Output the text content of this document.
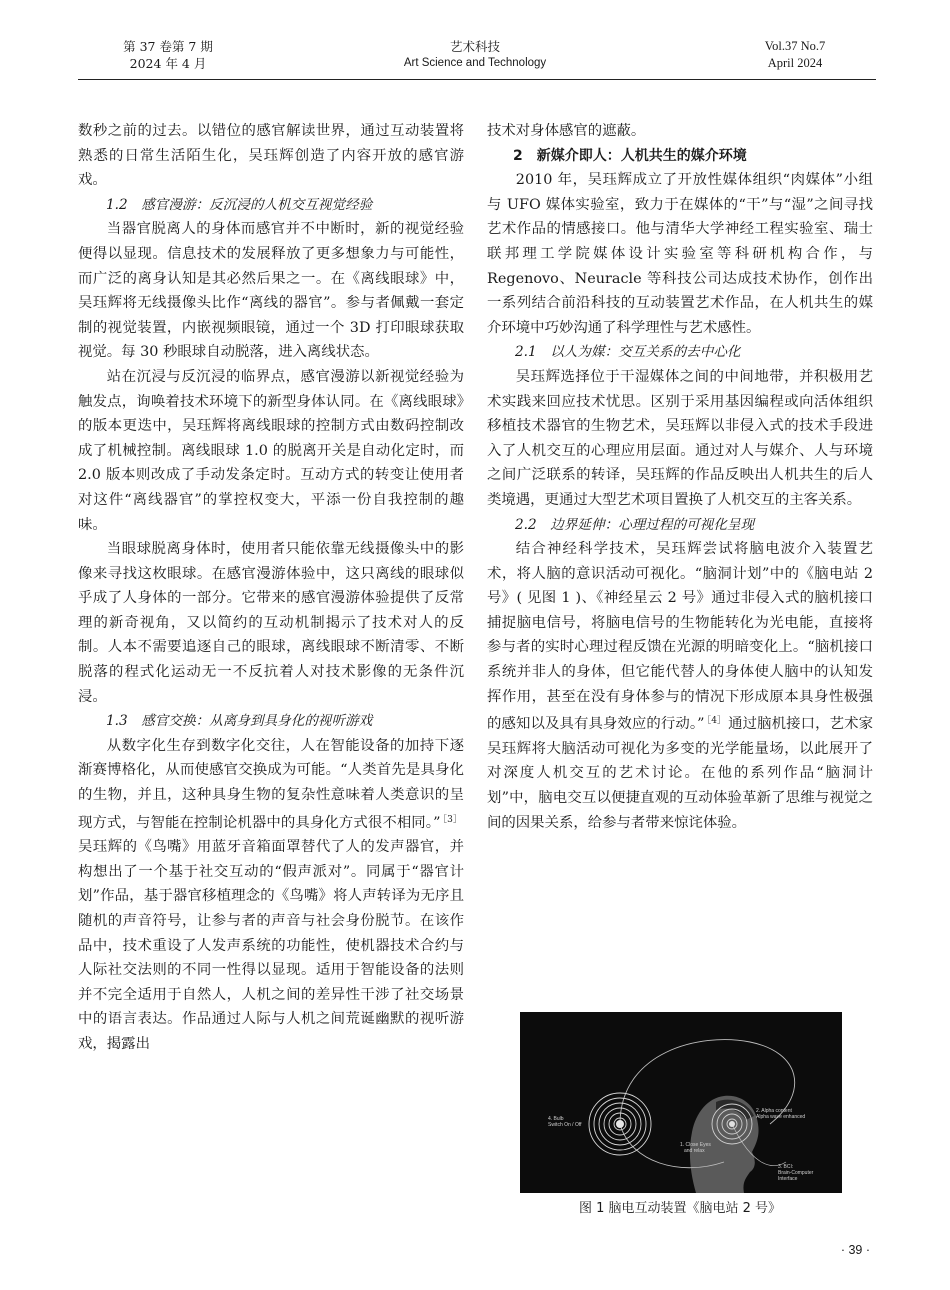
第 37 卷第 7 期
2024 年 4 月
艺术科技
Art Science and Technology
Vol.37 No.7
April 2024

数秒之前的过去。以错位的感官解读世界，通过互动装置将熟悉的日常生活陌生化，吴珏辉创造了内容开放的感官游戏。

1.2　感官漫游：反沉浸的人机交互视觉经验

当器官脱离人的身体而感官并不中断时，新的视觉经验便得以显现。信息技术的发展释放了更多想象力与可能性，而广泛的离身认知是其必然后果之一。在《离线眼球》中，吴珏辉将无线摄像头比作“离线的器官”。参与者佩戴一套定制的视觉装置，内嵌视频眼镜，通过一个 3D 打印眼球获取视觉。每 30 秒眼球自动脱落，进入离线状态。

站在沉浸与反沉浸的临界点，感官漫游以新视觉经验为触发点，询唤着技术环境下的新型身体认同。在《离线眼球》的版本更迭中，吴珏辉将离线眼球的控制方式由数码控制改成了机械控制。离线眼球 1.0 的脱离开关是自动化定时，而 2.0 版本则改成了手动发条定时。互动方式的转变让使用者对这件“离线器官”的掌控权变大，平添一份自我控制的趣味。

当眼球脱离身体时，使用者只能依靠无线摄像头中的影像来寻找这枚眼球。在感官漫游体验中，这只离线的眼球似乎成了人身体的一部分。它带来的感官漫游体验提供了反常理的新奇视角，又以简约的互动机制揭示了技术对人的反制。人本不需要追逐自己的眼球，离线眼球不断清零、不断脱落的程式化运动无一不反抗着人对技术影像的无条件沉浸。

1.3　感官交换：从离身到具身化的视听游戏

从数字化生存到数字化交往，人在智能设备的加持下逐渐赛博格化，从而使感官交换成为可能。“人类首先是具身化的生物，并且，这种具身生物的复杂性意味着人类意识的呈现方式，与智能在控制论机器中的具身化方式很不相同。” $^{[3]}$吴珏辉的《鸟嘴》用蓝牙音箱面罩替代了人的发声器官，并构想出了一个基于社交互动的“假声派对”。同属于“器官计划”作品，基于器官移植理念的《鸟嘴》将人声转译为无序且随机的声音符号，让参与者的声音与社会身份脱节。在该作品中，技术重设了人发声系统的功能性，使机器技术合约与人际社交法则的不同一性得以显现。适用于智能设备的法则并不完全适用于自然人，人机之间的差异性干涉了社交场景中的语言表达。作品通过人际与人机之间荒诞幽默的视听游戏，揭露出

技术对身体感官的遮蔽。

2　新媒介即人：人机共生的媒介环境

2010 年，吴珏辉成立了开放性媒体组织“肉媒体”小组与 UFO 媒体实验室，致力于在媒体的“干”与“湿”之间寻找艺术作品的情感接口。他与清华大学神经工程实验室、瑞士联邦理工学院媒体设计实验室等科研机构合作，与 Regenovo、Neuracle 等科技公司达成技术协作，创作出一系列结合前沿科技的互动装置艺术作品，在人机共生的媒介环境中巧妙沟通了科学理性与艺术感性。

2.1　以人为媒：交互关系的去中心化

吴珏辉选择位于干湿媒体之间的中间地带，并积极用艺术实践来回应技术忧思。区别于采用基因编程或向活体组织移植技术器官的生物艺术，吴珏辉以非侵入式的技术手段进入了人机交互的心理应用层面。通过对人与媒介、人与环境之间广泛联系的转译，吴珏辉的作品反映出人机共生的后人类境遇，更通过大型艺术项目置换了人机交互的主客关系。

2.2　边界延伸：心理过程的可视化呈现

结合神经科学技术，吴珏辉尝试将脑电波介入装置艺术，将人脑的意识活动可视化。“脑洞计划”中的《脑电站 2 号》( 见图 1 )、《神经星云 2 号》通过非侵入式的脑机接口捕捉脑电信号，将脑电信号的生物能转化为光电能，直接将参与者的实时心理过程反馈在光源的明暗变化上。“脑机接口系统并非人的身体，但它能代替人的身体使人脑中的认知发挥作用，甚至在没有身体参与的情况下形成原本具身性极强的感知以及具有具身效应的行动。” $^{[4]}$ 通过脑机接口，艺术家吴珏辉将大脑活动可视化为多变的光学能量场，以此展开了对深度人机交互的艺术讨论。在他的系列作品“脑洞计划”中，脑电交互以便捷直观的互动体验革新了思维与视觉之间的因果关系，给参与者带来惊诧体验。

4. Bulb
Switch On / Off
1. Close Eyes
and relax
2. Alpha content
Alpha wave enhanced
3. BCI:
Brain-Computer
Interface
图 1 脑电互动装置《脑电站 2 号》
· 39 ·
